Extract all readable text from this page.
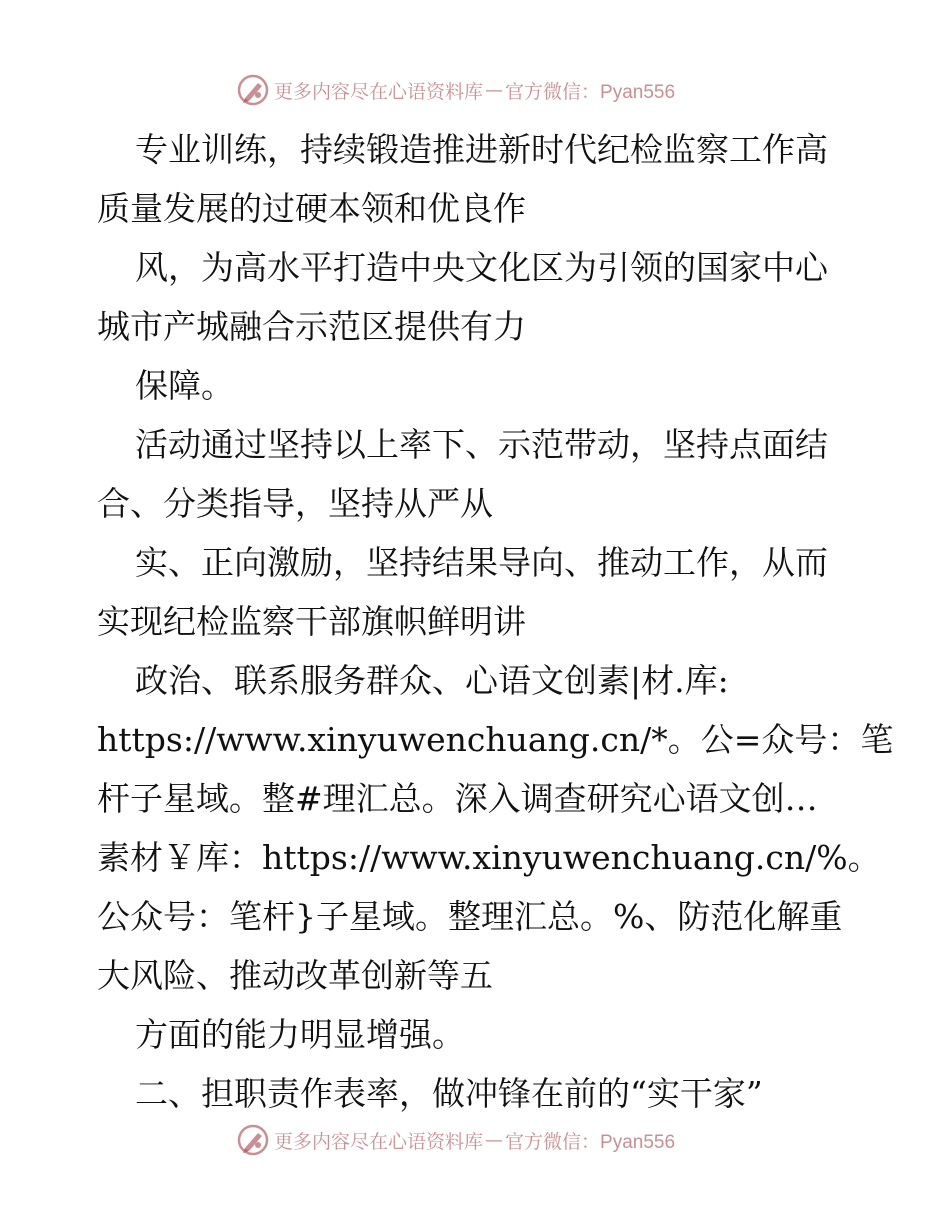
更多内容尽在心语资料库 — 官方微信：Pyan556
专业训练，持续锻造推进新时代纪检监察工作高
质量发展的过硬本领和优良作
风，为高水平打造中央文化区为引领的国家中心
城市产城融合示范区提供有力
保障。
活动通过坚持以上率下、示范带动，坚持点面结
合、分类指导，坚持从严从
实、正向激励，坚持结果导向、推动工作，从而
实现纪检监察干部旗帜鲜明讲
政治、联系服务群众、心语文创素|材.库:
https://www.xinyuwenchuang.cn/*。公=众号：笔
杆子星域。整#理汇总。深入调查研究心语文创…
素材￥库：https://www.xinyuwenchuang.cn/%。
公众号：笔杆}子星域。整理汇总。%、防范化解重
大风险、推动改革创新等五
方面的能力明显增强。
二、担职责作表率，做冲锋在前的“实干家”
更多内容尽在心语资料库 — 官方微信：Pyan556
